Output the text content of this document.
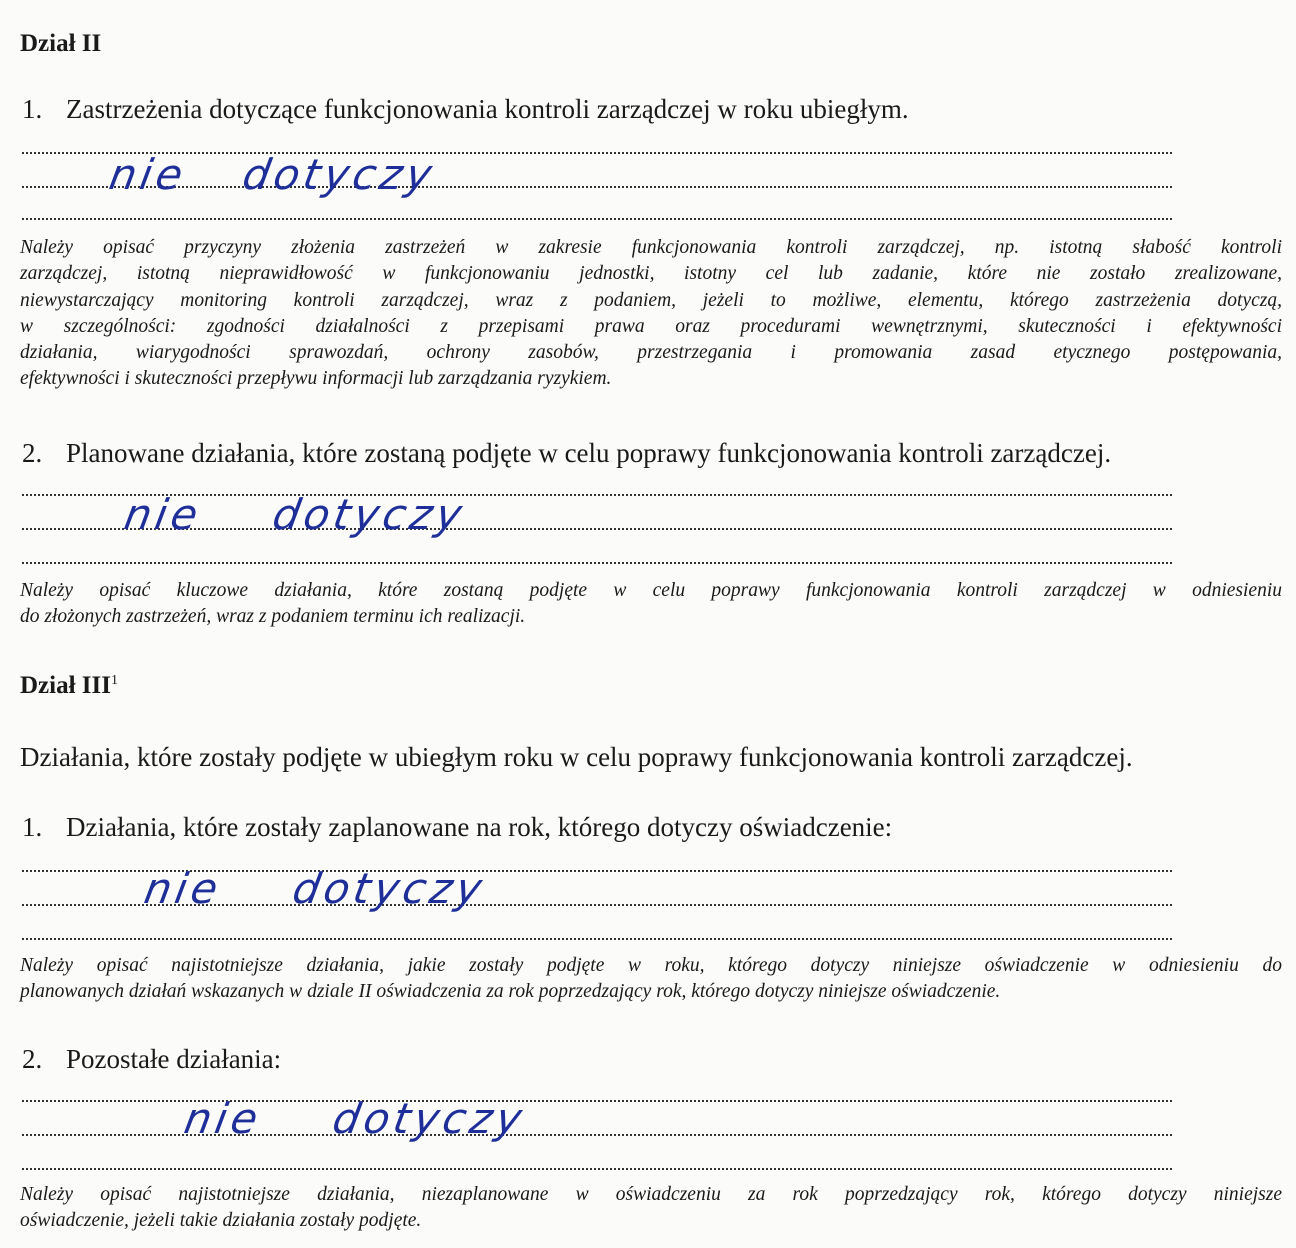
Dział II

1. Zastrzeżenia dotyczące funkcjonowania kontroli zarządczej w roku ubiegłym.

nie dotyczy
Należy opisać przyczyny złożenia zastrzeżeń w zakresie funkcjonowania kontroli zarządczej, np. istotną słabość kontroli
zarządczej, istotną nieprawidłowość w funkcjonowaniu jednostki, istotny cel lub zadanie, które nie zostało zrealizowane,
niewystarczający monitoring kontroli zarządczej, wraz z podaniem, jeżeli to możliwe, elementu, którego zastrzeżenia dotyczą,
w szczególności: zgodności działalności z przepisami prawa oraz procedurami wewnętrznymi, skuteczności i efektywności
działania, wiarygodności sprawozdań, ochrony zasobów, przestrzegania i promowania zasad etycznego postępowania,
efektywności i skuteczności przepływu informacji lub zarządzania ryzykiem.

2. Planowane działania, które zostaną podjęte w celu poprawy funkcjonowania kontroli zarządczej.

nie dotyczy
Należy opisać kluczowe działania, które zostaną podjęte w celu poprawy funkcjonowania kontroli zarządczej w odniesieniu
do złożonych zastrzeżeń, wraz z podaniem terminu ich realizacji.
Dział III$^1$

Działania, które zostały podjęte w ubiegłym roku w celu poprawy funkcjonowania kontroli zarządczej.

1. Działania, które zostały zaplanowane na rok, którego dotyczy oświadczenie:

nie dotyczy
Należy opisać najistotniejsze działania, jakie zostały podjęte w roku, którego dotyczy niniejsze oświadczenie w odniesieniu do
planowanych działań wskazanych w dziale II oświadczenia za rok poprzedzający rok, którego dotyczy niniejsze oświadczenie.

2. Pozostałe działania:

nie dotyczy
Należy opisać najistotniejsze działania, niezaplanowane w oświadczeniu za rok poprzedzający rok, którego dotyczy niniejsze
oświadczenie, jeżeli takie działania zostały podjęte.
